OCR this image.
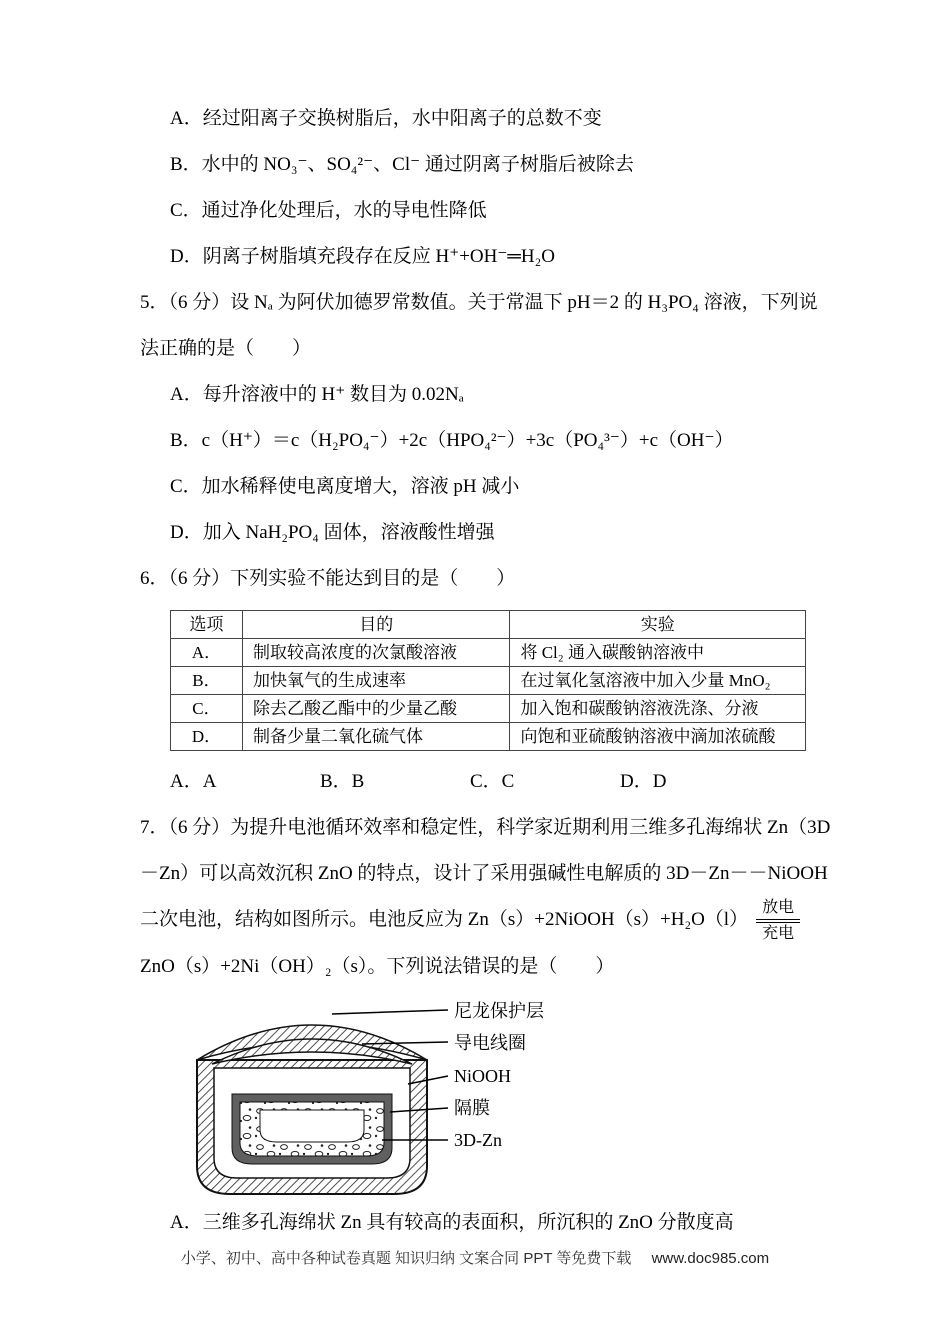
A．经过阳离子交换树脂后，水中阳离子的总数不变

B．水中的 NO₃⁻、SO₄²⁻、Cl⁻ 通过阴离子树脂后被除去

C．通过净化处理后，水的导电性降低

D．阴离子树脂填充段存在反应 H⁺+OH⁻═H₂O

5．（6 分）设 Nₐ 为阿伏加德罗常数值。关于常温下 pH＝2 的 H₃PO₄ 溶液，下列说法正确的是（　　）

A．每升溶液中的 H⁺ 数目为 0.02Nₐ

B．c（H⁺）＝c（H₂PO₄⁻）+2c（HPO₄²⁻）+3c（PO₄³⁻）+c（OH⁻）

C．加水稀释使电离度增大，溶液 pH 减小

D．加入 NaH₂PO₄ 固体，溶液酸性增强

6．（6 分）下列实验不能达到目的是（　　）

选项	目的	实验
A．	制取较高浓度的次氯酸溶液	将 Cl₂ 通入碳酸钠溶液中
B．	加快氧气的生成速率	在过氧化氢溶液中加入少量 MnO₂
C．	除去乙酸乙酯中的少量乙酸	加入饱和碳酸钠溶液洗涤、分液
D．	制备少量二氧化硫气体	向饱和亚硫酸钠溶液中滴加浓硫酸

A．A	B．B	C．C	D．D

7．（6 分）为提升电池循环效率和稳定性，科学家近期利用三维多孔海绵状 Zn（3D－Zn）可以高效沉积 ZnO 的特点，设计了采用强碱性电解质的 3D－Zn－－NiOOH 二次电池，结构如图所示。电池反应为 Zn（s）+2NiOOH（s）+H₂O（l）
放电
充电
ZnO（s）+2Ni（OH）₂（s）。下列说法错误的是（　　）

尼龙保护层
导电线圈
NiOOH
隔膜
3D-Zn

A．三维多孔海绵状 Zn 具有较高的表面积，所沉积的 ZnO 分散度高

小学、初中、高中各种试卷真题 知识归纳 文案合同 PPT 等免费下载 www.doc985.com
